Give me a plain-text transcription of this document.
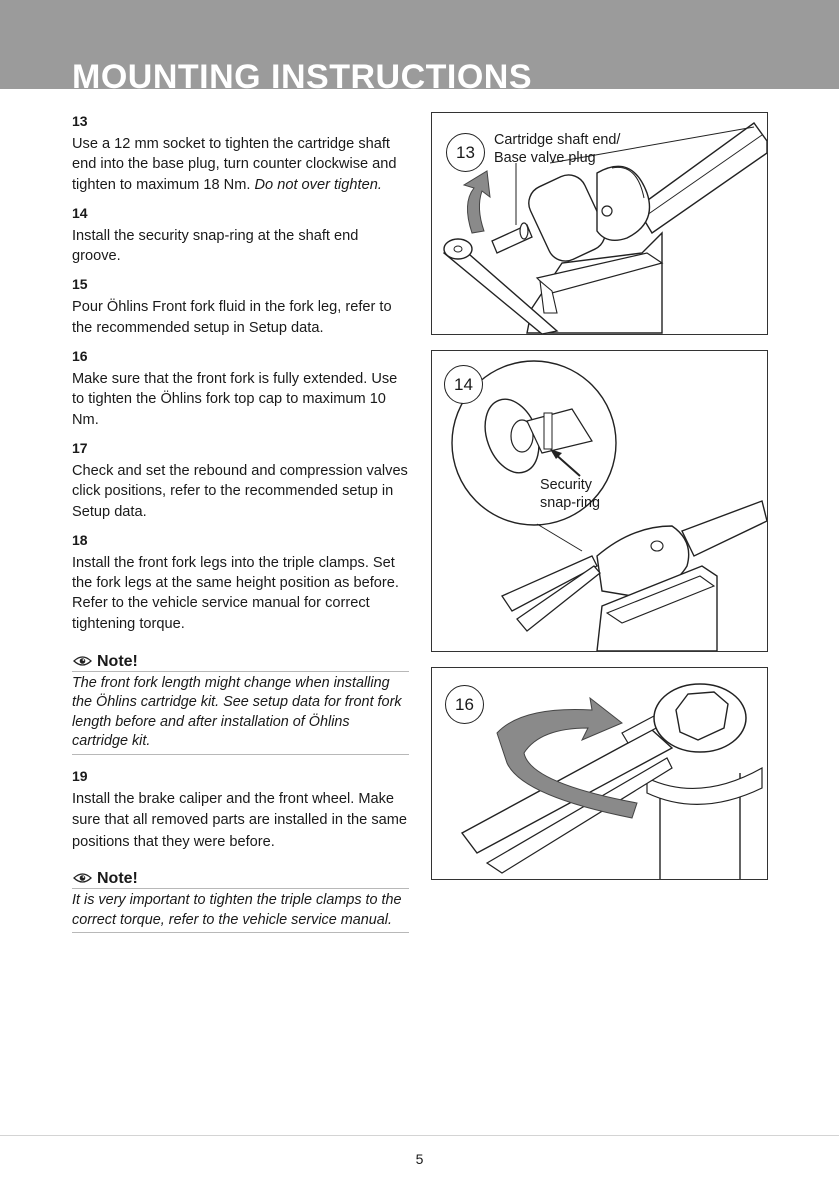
MOUNTING INSTRUCTIONS
13

Use a 12 mm socket to tighten the cartridge shaft end into the base plug, turn counter clockwise and tighten to maximum 18 Nm. Do not over tighten.

14

Install the security snap-ring at the shaft end groove.

15

Pour Öhlins Front fork fluid in the fork leg, refer to the recommended setup in Setup data.

16

Make sure that the front fork is fully extended. Use to tighten the Öhlins fork top cap to maximum 10 Nm.

17

Check and set the rebound and compression valves click positions, refer to the recommended setup in Setup data.

18

Install the front fork legs into the triple clamps. Set the fork legs at the same height position as before. Refer to the vehicle service manual for correct tightening torque.

Note!

The front fork length might change when installing the Öhlins cartridge kit. See setup data for front fork length before and after installation of Öhlins cartridge kit.

19

Install the brake caliper and the front wheel. Make sure that all removed parts are installed in the same positions that they were before.

Note!

It is very important to tighten the triple clamps to the correct torque, refer to the vehicle service manual.

13
Cartridge shaft end/
Base valve plug
14
Security
snap-ring
16
5
